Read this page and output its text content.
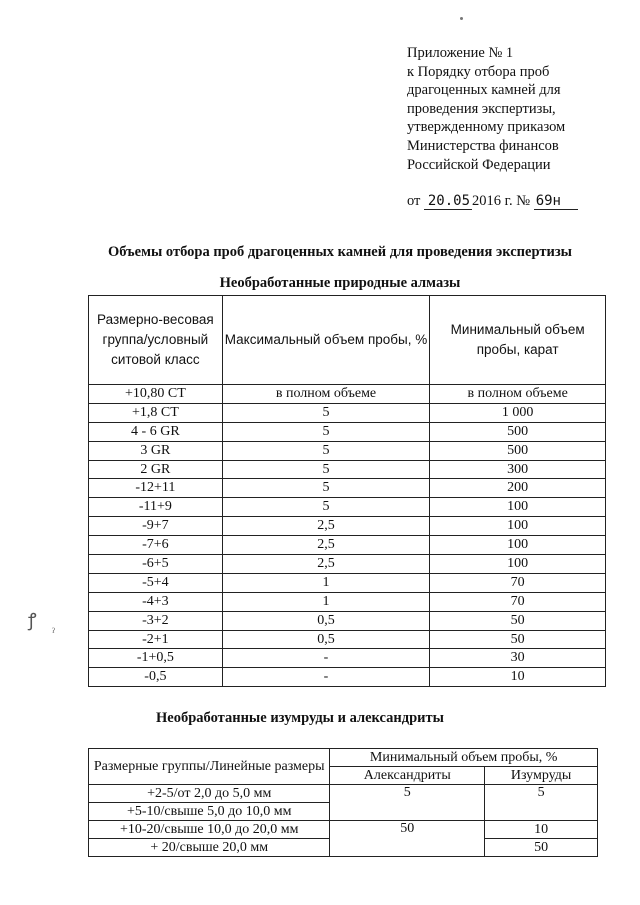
Приложение № 1
к Порядку отбора проб
драгоценных камней для
проведения экспертизы,
утвержденному приказом
Министерства финансов
Российской Федерации
от 20.05 2016 г. № 69н
Объемы отбора проб драгоценных камней для проведения экспертизы
Необработанные природные алмазы
Размерно-весовая группа/условный ситовой класс	Максимальный объем пробы, %	Минимальный объем пробы, карат
+10,80 СТ	в полном объеме	в полном объеме
+1,8 СТ	5	1 000
4 - 6 GR	5	500
3 GR	5	500
2 GR	5	300
-12+11	5	200
-11+9	5	100
-9+7	2,5	100
-7+6	2,5	100
-6+5	2,5	100
-5+4	1	70
-4+3	1	70
-3+2	0,5	50
-2+1	0,5	50
-1+0,5	-	30
-0,5	-	10
Необработанные изумруды и александриты
Размерные группы/Линейные размеры	Минимальный объем пробы, %	
	Александриты	Изумруды
+2-5/от 2,0 до 5,0 мм	5	5
+5-10/свыше 5,0 до 10,0 мм		
+10-20/свыше 10,0 до 20,0 мм	50	10
+ 20/свыше 20,0 мм		50
ꝭ
ˀ
